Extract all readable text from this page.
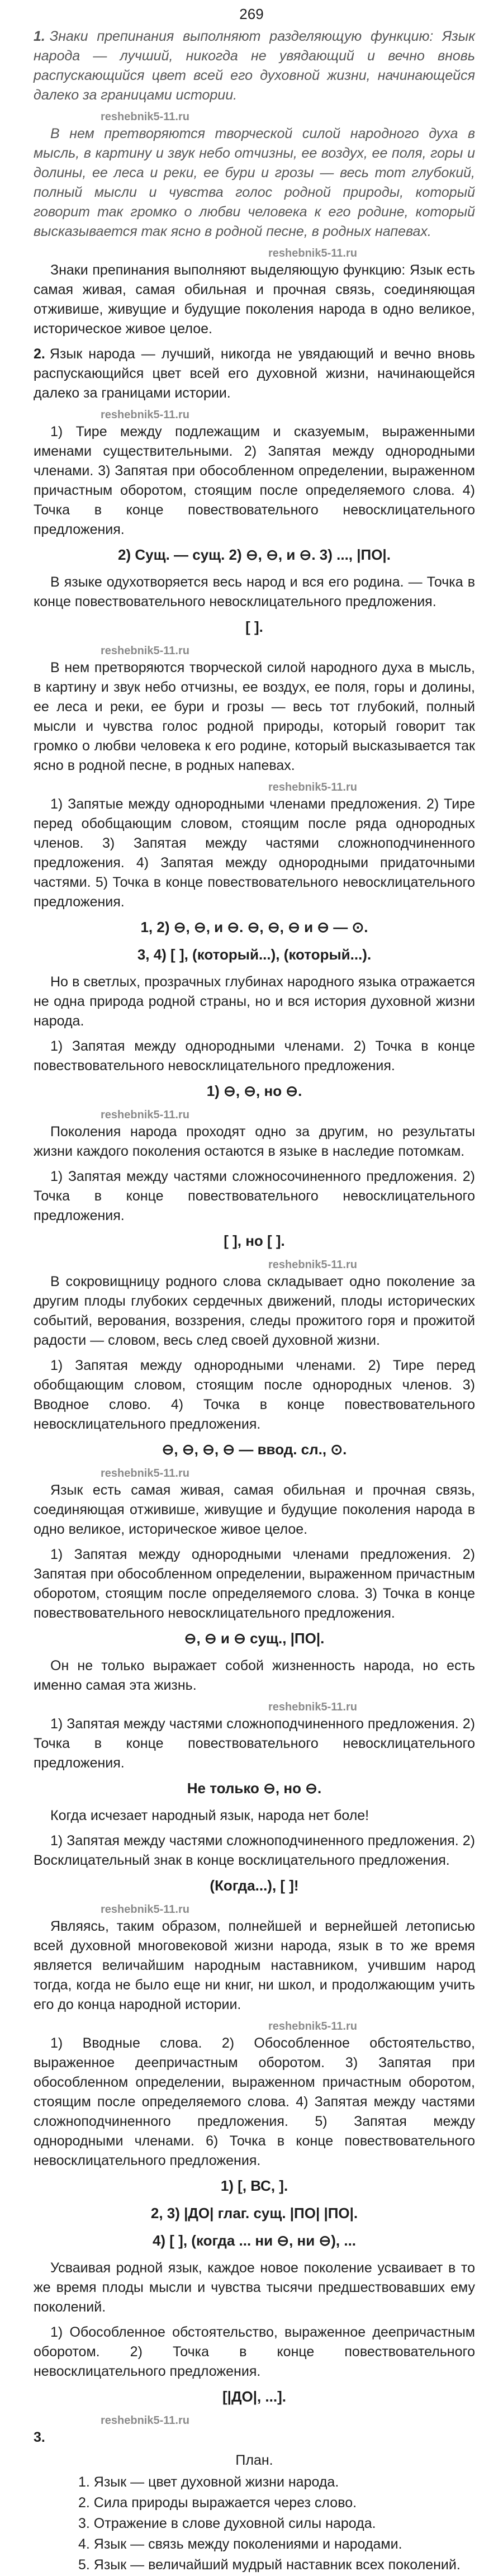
269

1. Знаки препинания выполняют разделяющую функцию: Язык народа — лучший, никогда не увядающий и вечно вновь распускающийся цвет всей его духовной жизни, начинающейся далеко за границами истории.

reshebnik5-11.ru

В нем претворяются творческой силой народного духа в мысль, в картину и звук небо отчизны, ее воздух, ее поля, горы и долины, ее леса и реки, ее бури и грозы — весь тот глубокий, полный мысли и чувства голос родной природы, который говорит так громко о любви человека к его родине, который высказывается так ясно в родной песне, в родных напевах.

reshebnik5-11.ru

Знаки препинания выполняют выделяющую функцию: Язык есть самая живая, самая обильная и прочная связь, соединяющая отживише, живущие и будущие поколения народа в одно великое, историческое живое целое.

2. Язык народа — лучший, никогда не увядающий и вечно вновь распускающийся цвет всей его духовной жизни, начинающейся далеко за границами истории.

reshebnik5-11.ru

1) Тире между подлежащим и сказуемым, выраженными именами существительными. 2) Запятая между однородными членами. 3) Запятая при обособленном определении, выраженном причастным оборотом, стоящим после определяемого слова. 4) Точка в конце повествовательного невосклицательного предложения.

2) Сущ. — сущ. 2) ⊖, ⊖, и ⊖. 3) ..., |ПО|.

В языке одухотворяется весь народ и вся его родина. — Точка в конце повествовательного невосклицательного предложения.

[ ].
reshebnik5-11.ru

В нем претворяются творческой силой народного духа в мысль, в картину и звук небо отчизны, ее воздух, ее поля, горы и долины, ее леса и реки, ее бури и грозы — весь тот глубокий, полный мысли и чувства голос родной природы, который говорит так громко о любви человека к его родине, который высказывается так ясно в родной песне, в родных напевах.

reshebnik5-11.ru

1) Запятые между однородными членами предложения. 2) Тире перед обобщающим словом, стоящим после ряда однородных членов. 3) Запятая между частями сложноподчиненного предложения. 4) Запятая между однородными придаточными частями. 5) Точка в конце повествовательного невосклицательного предложения.

1, 2) ⊖, ⊖, и ⊖. ⊖, ⊖, ⊖ и ⊖ — ⊙.
3, 4) [ ], (который...), (который...).

Но в светлых, прозрачных глубинах народного языка отражается не одна природа родной страны, но и вся история духовной жизни народа.

1) Запятая между однородными членами. 2) Точка в конце повествовательного невосклицательного предложения.

1) ⊖, ⊖, но ⊖.
reshebnik5-11.ru

Поколения народа проходят одно за другим, но результаты жизни каждого поколения остаются в языке в наследие потомкам.

1) Запятая между частями сложносочиненного предложения. 2) Точка в конце повествовательного невосклицательного предложения.

[ ], но [ ].
reshebnik5-11.ru

В сокровищницу родного слова складывает одно поколение за другим плоды глубоких сердечных движений, плоды исторических событий, верования, воззрения, следы прожитого горя и прожитой радости — словом, весь след своей духовной жизни.

1) Запятая между однородными членами. 2) Тире перед обобщающим словом, стоящим после однородных членов. 3) Вводное слово. 4) Точка в конце повествовательного невосклицательного предложения.

⊖, ⊖, ⊖, ⊖ — ввод. сл., ⊙.
reshebnik5-11.ru

Язык есть самая живая, самая обильная и прочная связь, соединяющая отживише, живущие и будущие поколения народа в одно великое, историческое живое целое.

1) Запятая между однородными членами предложения. 2) Запятая при обособленном определении, выраженном причастным оборотом, стоящим после определяемого слова. 3) Точка в конце повествовательного невосклицательного предложения.

⊖, ⊖ и ⊖ сущ., |ПО|.

Он не только выражает собой жизненность народа, но есть именно самая эта жизнь.

reshebnik5-11.ru

1) Запятая между частями сложноподчиненного предложения. 2) Точка в конце повествовательного невосклицательного предложения.

Не только ⊖, но ⊖.

Когда исчезает народный язык, народа нет боле!

1) Запятая между частями сложноподчиненного предложения. 2) Восклицательный знак в конце восклицательного предложения.

(Когда...), [ ]!
reshebnik5-11.ru

Являясь, таким образом, полнейшей и вернейшей летописью всей духовной многовековой жизни народа, язык в то же время является величайшим народным наставником, учившим народ тогда, когда не было еще ни книг, ни школ, и продолжающим учить его до конца народной истории.

reshebnik5-11.ru

1) Вводные слова. 2) Обособленное обстоятельство, выраженное деепричастным оборотом. 3) Запятая при обособленном определении, выраженном причастным оборотом, стоящим после определяемого слова. 4) Запятая между частями сложноподчиненного предложения. 5) Запятая между однородными членами. 6) Точка в конце повествовательного невосклицательного предложения.

1) [, ВС, ].
2, 3) |ДО| глаг. сущ. |ПО| |ПО|.
4) [ ], (когда ... ни ⊖, ни ⊖), ...

Усваивая родной язык, каждое новое поколение усваивает в то же время плоды мысли и чувства тысячи предшествовавших ему поколений.

1) Обособленное обстоятельство, выраженное деепричастным оборотом. 2) Точка в конце повествовательного невосклицательного предложения.

[|ДО|, ...].
reshebnik5-11.ru
3.
План.
1. Язык — цвет духовной жизни народа.
2. Сила природы выражается через слово.
3. Отражение в слове духовной силы народа.
4. Язык — связь между поколениями и народами.
5. Язык — величайший мудрый наставник всех поколений.
